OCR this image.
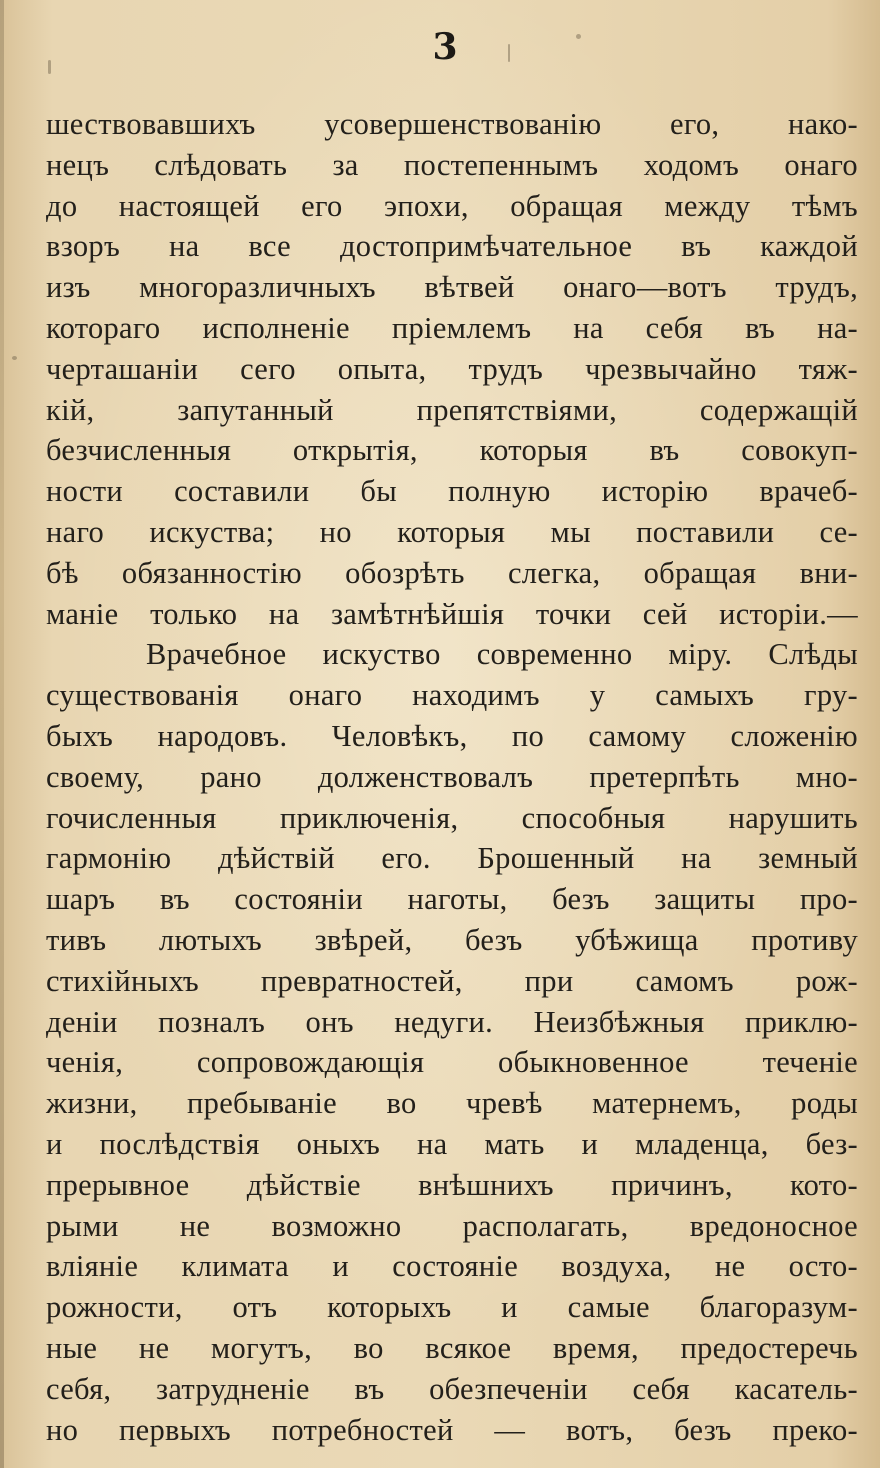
3
шествовавшихъ усовершенствованію его, нако-
нецъ слѣдовать за постепеннымъ ходомъ онаго
до настоящей его эпохи, обращая между тѣмъ
взоръ на все достопримѣчательное въ каждой
изъ многоразличныхъ вѣтвей онаго—вотъ трудъ,
котораго исполненіе пріемлемъ на себя въ на-
черташаніи сего опыта, трудъ чрезвычайно тяж-
кій, запутанный препятствіями, содержащій
безчисленныя открытія, которыя въ совокуп-
ности составили бы полную исторію врачеб-
наго искуства; но которыя мы поставили се-
бѣ обязанностію обозрѣть слегка, обращая вни-
маніе только на замѣтнѣйшія точки сей исторіи.—
Врачебное искуство современно міру. Слѣды
существованія онаго находимъ у самыхъ гру-
быхъ народовъ. Человѣкъ, по самому сложенію
своему, рано долженствовалъ претерпѣть мно-
гочисленныя приключенія, способныя нарушить
гармонію дѣйствій его. Брошенный на земный
шаръ въ состояніи наготы, безъ защиты про-
тивъ лютыхъ звѣрей, безъ убѣжища противу
стихійныхъ превратностей, при самомъ рож-
деніи позналъ онъ недуги. Неизбѣжныя приклю-
ченія, сопровождающія обыкновенное теченіе
жизни, пребываніе во чревѣ матернемъ, роды
и послѣдствія оныхъ на мать и младенца, без-
прерывное дѣйствіе внѣшнихъ причинъ, кото-
рыми не возможно располагать, вредоносное
вліяніе климата и состояніе воздуха, не осто-
рожности, отъ которыхъ и самые благоразум-
ные не могутъ, во всякое время, предостеречь
себя, затрудненіе въ обезпеченіи себя касатель-
но первыхъ потребностей — вотъ, безъ преко-
